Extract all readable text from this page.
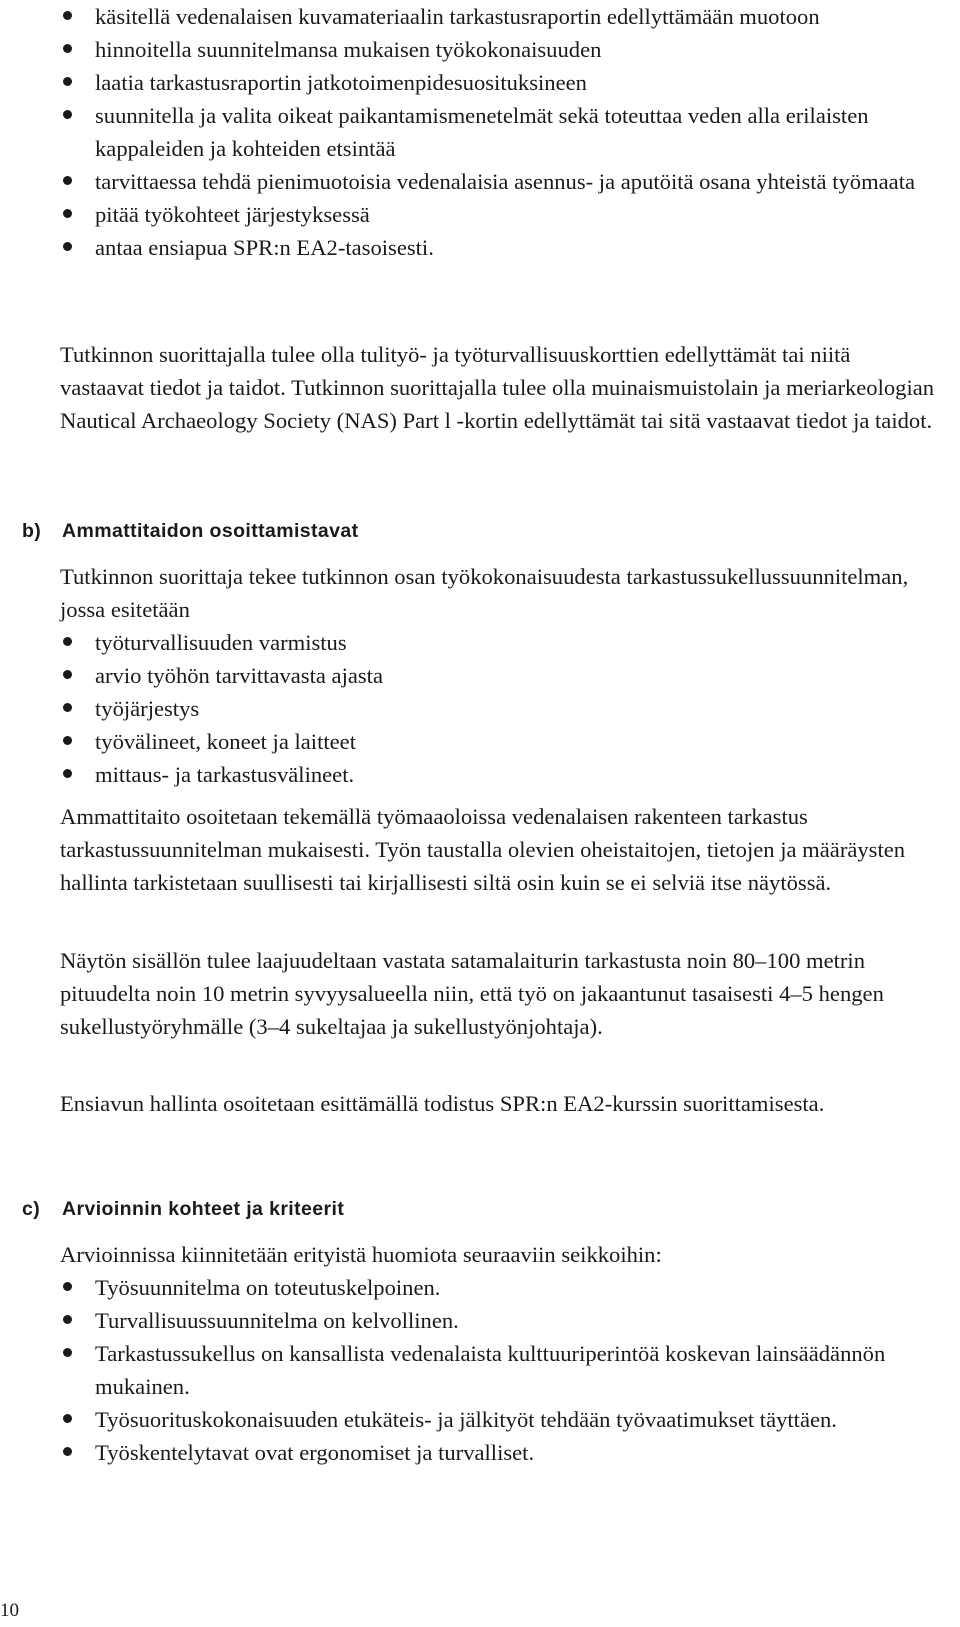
käsitellä vedenalaisen kuvamateriaalin tarkastusraportin edellyttämään muotoon
hinnoitella suunnitelmansa mukaisen työkokonaisuuden
laatia tarkastusraportin jatkotoimenpidesuosituksineen
suunnitella ja valita oikeat paikantamismenetelmät sekä toteuttaa veden alla erilaisten kappaleiden ja kohteiden etsintää
tarvittaessa tehdä pienimuotoisia vedenalaisia asennus- ja aputöitä osana yhteistä työmaata
pitää työkohteet järjestyksessä
antaa ensiapua SPR:n EA2-tasoisesti.

Tutkinnon suorittajalla tulee olla tulityö- ja työturvallisuuskorttien edellyttämät tai niitä vastaavat tiedot ja taidot. Tutkinnon suorittajalla tulee olla muinaismuistolain ja meriarkeologian Nautical Archaeology Society (NAS) Part l -kortin edellyttämät tai sitä vastaavat tiedot ja taidot.

b) Ammattitaidon osoittamistavat

Tutkinnon suorittaja tekee tutkinnon osan työkokonaisuudesta tarkastussukellussuunnitelman, jossa esitetään

työturvallisuuden varmistus
arvio työhön tarvittavasta ajasta
työjärjestys
työvälineet, koneet ja laitteet
mittaus- ja tarkastusvälineet.

Ammattitaito osoitetaan tekemällä työmaaoloissa vedenalaisen rakenteen tarkastus tarkastussuunnitelman mukaisesti. Työn taustalla olevien oheistaitojen, tietojen ja määräysten hallinta tarkistetaan suullisesti tai kirjallisesti siltä osin kuin se ei selviä itse näytössä.

Näytön sisällön tulee laajuudeltaan vastata satamalaiturin tarkastusta noin 80–100 metrin pituudelta noin 10 metrin syvyysalueella niin, että työ on jakaantunut tasaisesti 4–5 hengen sukellustyöryhmälle (3–4 sukeltajaa ja sukellustyönjohtaja).

Ensiavun hallinta osoitetaan esittämällä todistus SPR:n EA2-kurssin suorittamisesta.

c) Arvioinnin kohteet ja kriteerit

Arvioinnissa kiinnitetään erityistä huomiota seuraaviin seikkoihin:

Työsuunnitelma on toteutuskelpoinen.
Turvallisuussuunnitelma on kelvollinen.
Tarkastussukellus on kansallista vedenalaista kulttuuriperintöä koskevan lainsäädännön mukainen.
Työsuorituskokonaisuuden etukäteis- ja jälkityöt tehdään työvaatimukset täyttäen.
Työskentelytavat ovat ergonomiset ja turvalliset.
10
